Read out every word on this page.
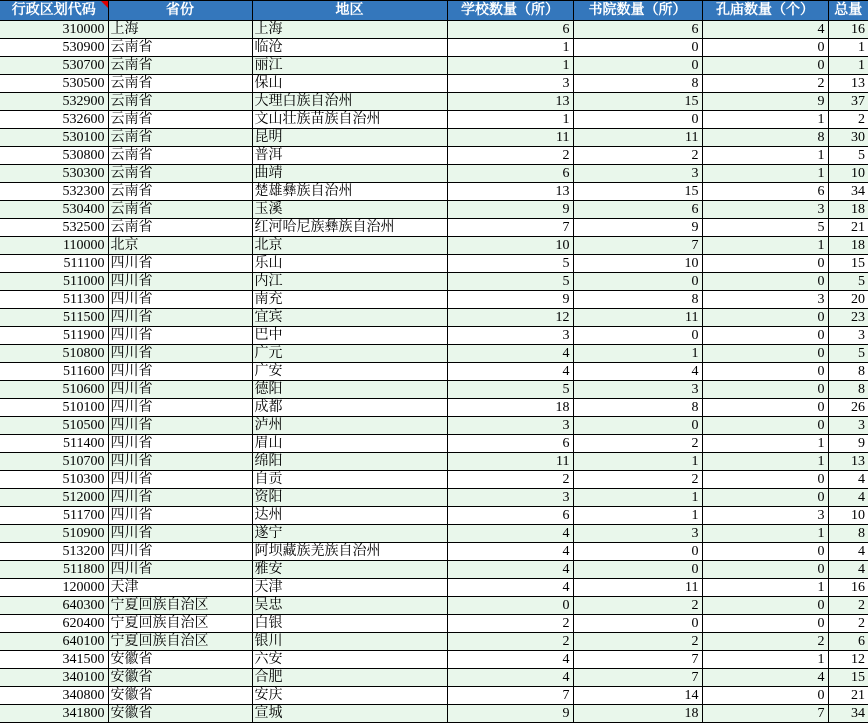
行政区划代码	省份	地区	学校数量（所）	书院数量（所）	孔庙数量（个）	总量
310000	上海	上海	6	6	4	16
530900	云南省	临沧	1	0	0	1
530700	云南省	丽江	1	0	0	1
530500	云南省	保山	3	8	2	13
532900	云南省	大理白族自治州	13	15	9	37
532600	云南省	文山壮族苗族自治州	1	0	1	2
530100	云南省	昆明	11	11	8	30
530800	云南省	普洱	2	2	1	5
530300	云南省	曲靖	6	3	1	10
532300	云南省	楚雄彝族自治州	13	15	6	34
530400	云南省	玉溪	9	6	3	18
532500	云南省	红河哈尼族彝族自治州	7	9	5	21
110000	北京	北京	10	7	1	18
511100	四川省	乐山	5	10	0	15
511000	四川省	内江	5	0	0	5
511300	四川省	南充	9	8	3	20
511500	四川省	宜宾	12	11	0	23
511900	四川省	巴中	3	0	0	3
510800	四川省	广元	4	1	0	5
511600	四川省	广安	4	4	0	8
510600	四川省	德阳	5	3	0	8
510100	四川省	成都	18	8	0	26
510500	四川省	泸州	3	0	0	3
511400	四川省	眉山	6	2	1	9
510700	四川省	绵阳	11	1	1	13
510300	四川省	自贡	2	2	0	4
512000	四川省	资阳	3	1	0	4
511700	四川省	达州	6	1	3	10
510900	四川省	遂宁	4	3	1	8
513200	四川省	阿坝藏族羌族自治州	4	0	0	4
511800	四川省	雅安	4	0	0	4
120000	天津	天津	4	11	1	16
640300	宁夏回族自治区	吴忠	0	2	0	2
620400	宁夏回族自治区	白银	2	0	0	2
640100	宁夏回族自治区	银川	2	2	2	6
341500	安徽省	六安	4	7	1	12
340100	安徽省	合肥	4	7	4	15
340800	安徽省	安庆	7	14	0	21
341800	安徽省	宣城	9	18	7	34
